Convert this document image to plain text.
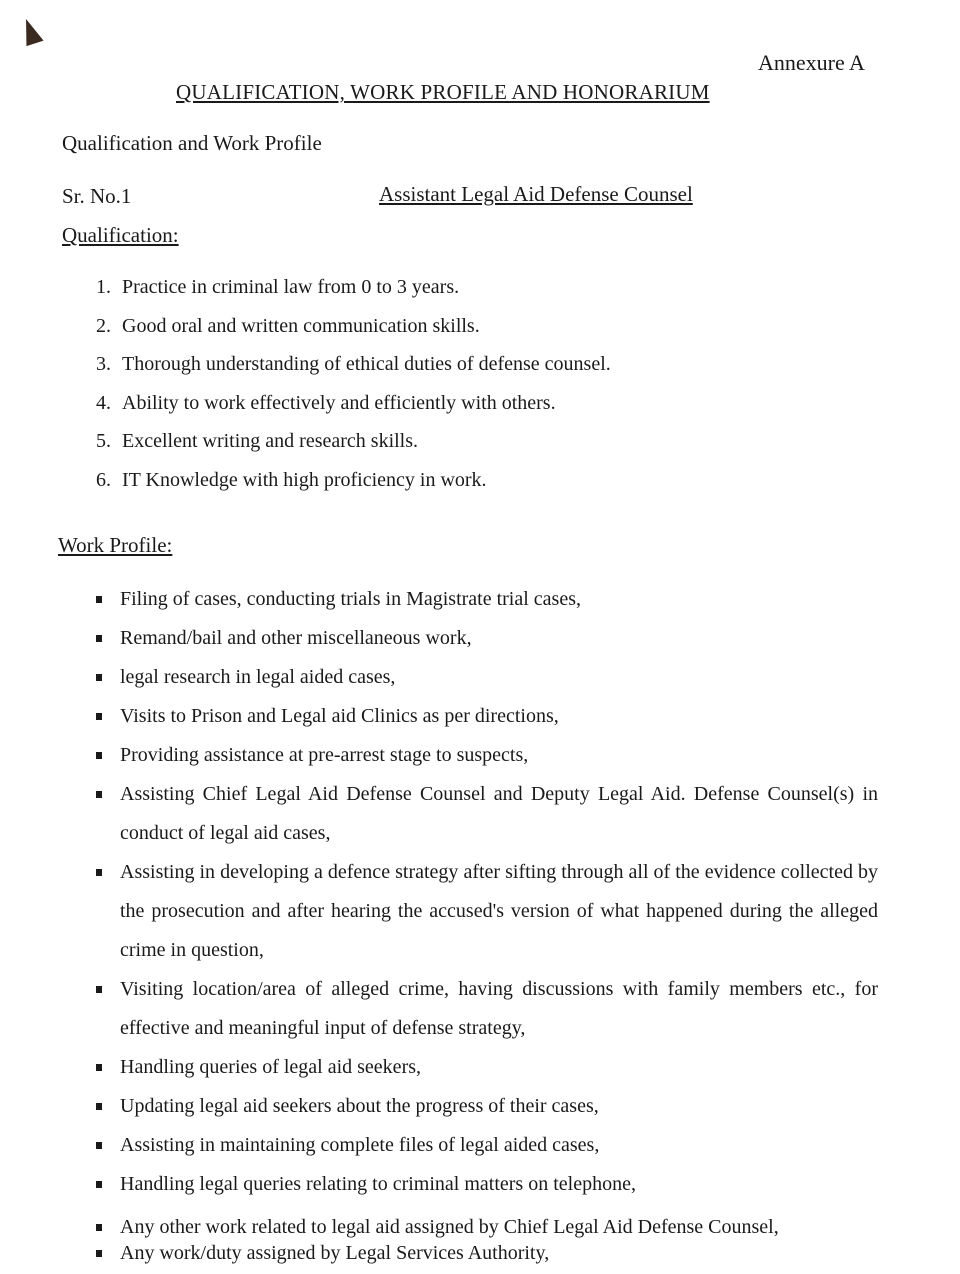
Annexure A
QUALIFICATION, WORK PROFILE AND HONORARIUM
Qualification and Work Profile
Sr. No.1	Assistant Legal Aid Defense Counsel
Qualification:
1. Practice in criminal law from 0 to 3 years.
2. Good oral and written communication skills.
3. Thorough understanding of ethical duties of defense counsel.
4. Ability to work effectively and efficiently with others.
5. Excellent writing and research skills.
6. IT Knowledge with high proficiency in work.
Work Profile:
Filing of cases, conducting trials in Magistrate trial cases,
Remand/bail and other miscellaneous work,
legal research in legal aided cases,
Visits to Prison and Legal aid Clinics as per directions,
Providing assistance at pre-arrest stage to suspects,
Assisting Chief Legal Aid Defense Counsel and Deputy Legal Aid. Defense Counsel(s) in conduct of legal aid cases,
Assisting in developing a defence strategy after sifting through all of the evidence collected by the prosecution and after hearing the accused's version of what happened during the alleged crime in question,
Visiting location/area of alleged crime, having discussions with family members etc., for effective and meaningful input of defense strategy,
Handling queries of legal aid seekers,
Updating legal aid seekers about the progress of their cases,
Assisting in maintaining complete files of legal aided cases,
Handling legal queries relating to criminal matters on telephone,
Any other work related to legal aid assigned by Chief Legal Aid Defense Counsel,
Any work/duty assigned by Legal Services Authority,
